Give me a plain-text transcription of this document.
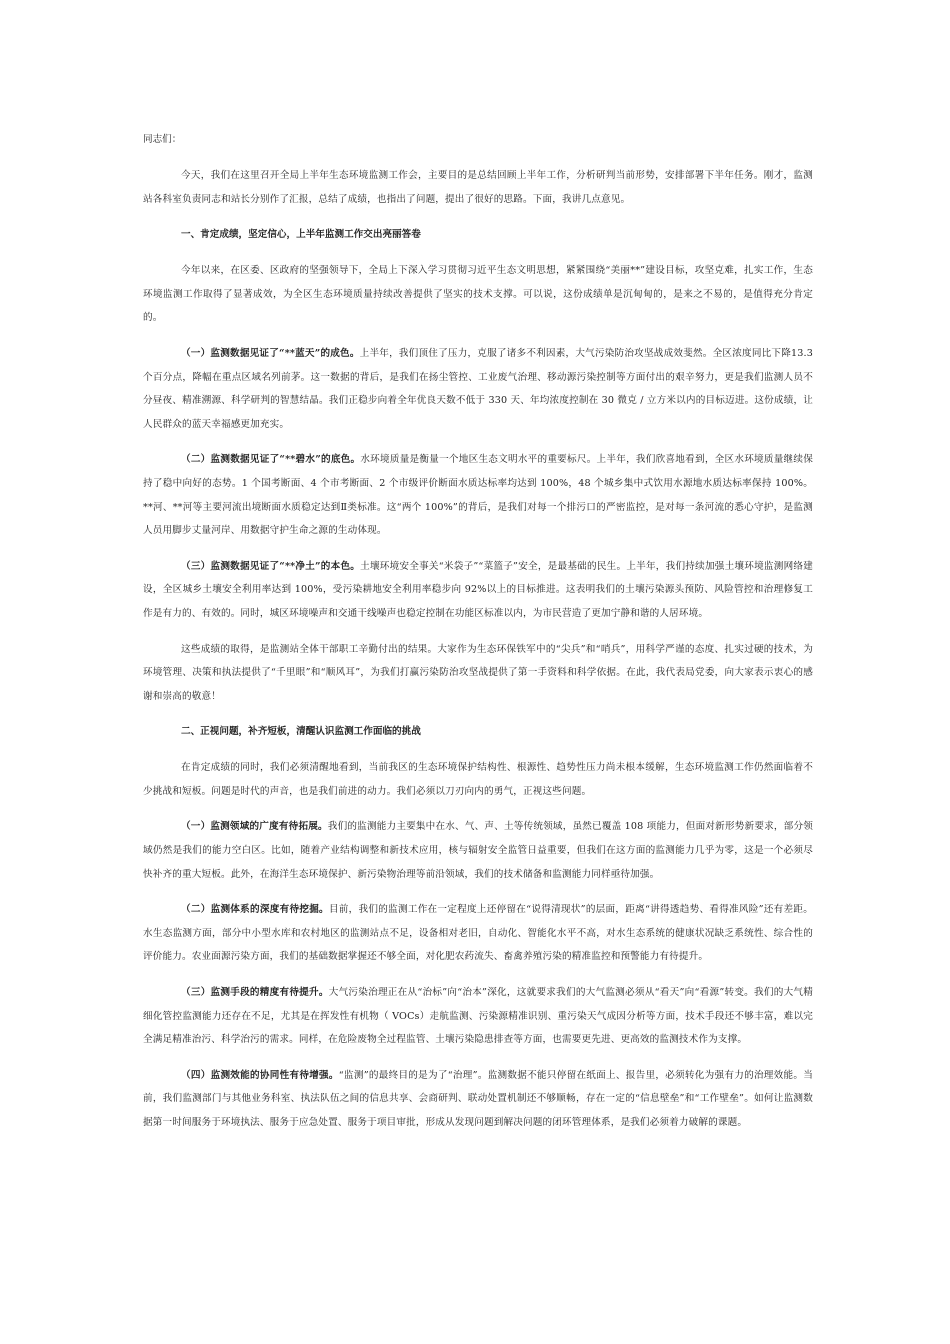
同志们：

今天，我们在这里召开全局上半年生态环境监测工作会，主要目的是总结回顾上半年工作，分析研判当前形势，安排部署下半年任务。刚才，监测站各科室负责同志和站长分别作了汇报，总结了成绩，也指出了问题，提出了很好的思路。下面，我讲几点意见。

一、肯定成绩，坚定信心，上半年监测工作交出亮丽答卷

今年以来，在区委、区政府的坚强领导下，全局上下深入学习贯彻习近平生态文明思想，紧紧围绕“美丽**”建设目标，攻坚克难，扎实工作，生态环境监测工作取得了显著成效，为全区生态环境质量持续改善提供了坚实的技术支撑。可以说，这份成绩单是沉甸甸的，是来之不易的，是值得充分肯定的。

（一）监测数据见证了“**蓝天”的成色。上半年，我们顶住了压力，克服了诸多不利因素，大气污染防治攻坚战成效斐然。全区浓度同比下降13.3个百分点，降幅在重点区域名列前茅。这一数据的背后，是我们在扬尘管控、工业废气治理、移动源污染控制等方面付出的艰辛努力，更是我们监测人员不分昼夜、精准溯源、科学研判的智慧结晶。我们正稳步向着全年优良天数不低于 330 天、年均浓度控制在 30 微克 / 立方米以内的目标迈进。这份成绩，让人民群众的蓝天幸福感更加充实。

（二）监测数据见证了“**碧水”的底色。水环境质量是衡量一个地区生态文明水平的重要标尺。上半年，我们欣喜地看到，全区水环境质量继续保持了稳中向好的态势。1 个国考断面、4 个市考断面、2 个市级评价断面水质达标率均达到 100%，48 个城乡集中式饮用水源地水质达标率保持 100%。**河、**河等主要河流出境断面水质稳定达到Ⅱ类标准。这“两个 100%”的背后，是我们对每一个排污口的严密监控，是对每一条河流的悉心守护，是监测人员用脚步丈量河岸、用数据守护生命之源的生动体现。

（三）监测数据见证了“**净土”的本色。土壤环境安全事关“米袋子”“菜篮子”安全，是最基础的民生。上半年，我们持续加强土壤环境监测网络建设，全区城乡土壤安全利用率达到 100%，受污染耕地安全利用率稳步向 92%以上的目标推进。这表明我们的土壤污染源头预防、风险管控和治理修复工作是有力的、有效的。同时，城区环境噪声和交通干线噪声也稳定控制在功能区标准以内，为市民营造了更加宁静和谐的人居环境。

这些成绩的取得，是监测站全体干部职工辛勤付出的结果。大家作为生态环保铁军中的“尖兵”和“哨兵”，用科学严谨的态度、扎实过硬的技术，为环境管理、决策和执法提供了“千里眼”和“顺风耳”，为我们打赢污染防治攻坚战提供了第一手资料和科学依据。在此，我代表局党委，向大家表示衷心的感谢和崇高的敬意！

二、正视问题，补齐短板，清醒认识监测工作面临的挑战

在肯定成绩的同时，我们必须清醒地看到，当前我区的生态环境保护结构性、根源性、趋势性压力尚未根本缓解，生态环境监测工作仍然面临着不少挑战和短板。问题是时代的声音，也是我们前进的动力。我们必须以刀刃向内的勇气，正视这些问题。

（一）监测领域的广度有待拓展。我们的监测能力主要集中在水、气、声、土等传统领域，虽然已覆盖 108 项能力，但面对新形势新要求，部分领域仍然是我们的能力空白区。比如，随着产业结构调整和新技术应用，核与辐射安全监管日益重要，但我们在这方面的监测能力几乎为零，这是一个必须尽快补齐的重大短板。此外，在海洋生态环境保护、新污染物治理等前沿领域，我们的技术储备和监测能力同样亟待加强。

（二）监测体系的深度有待挖掘。目前，我们的监测工作在一定程度上还停留在“说得清现状”的层面，距离“讲得透趋势、看得准风险”还有差距。水生态监测方面，部分中小型水库和农村地区的监测站点不足，设备相对老旧，自动化、智能化水平不高，对水生态系统的健康状况缺乏系统性、综合性的评价能力。农业面源污染方面，我们的基础数据掌握还不够全面，对化肥农药流失、畜禽养殖污染的精准监控和预警能力有待提升。

（三）监测手段的精度有待提升。大气污染治理正在从“治标”向“治本”深化，这就要求我们的大气监测必须从“看天”向“看源”转变。我们的大气精细化管控监测能力还存在不足，尤其是在挥发性有机物（ VOCs）走航监测、污染源精准识别、重污染天气成因分析等方面，技术手段还不够丰富，难以完全满足精准治污、科学治污的需求。同样，在危险废物全过程监管、土壤污染隐患排查等方面，也需要更先进、更高效的监测技术作为支撑。

（四）监测效能的协同性有待增强。“监测”的最终目的是为了“治理”。监测数据不能只停留在纸面上、报告里，必须转化为强有力的治理效能。当前，我们监测部门与其他业务科室、执法队伍之间的信息共享、会商研判、联动处置机制还不够顺畅，存在一定的“信息壁垒”和“工作壁垒”。如何让监测数据第一时间服务于环境执法、服务于应急处置、服务于项目审批，形成从发现问题到解决问题的闭环管理体系，是我们必须着力破解的课题。
